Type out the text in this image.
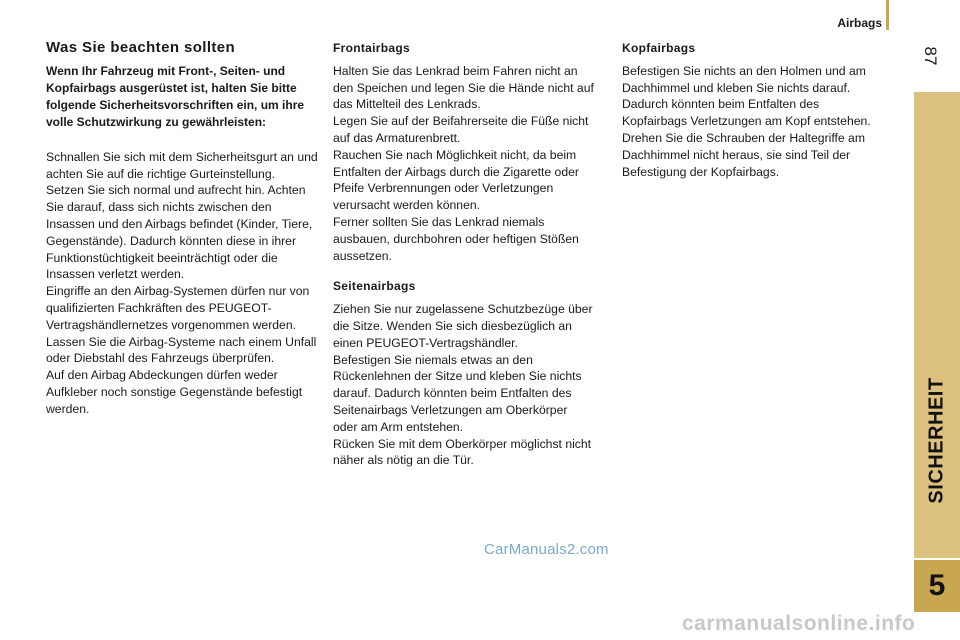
Airbags
87
SICHERHEIT
5
Was Sie beachten sollten

Wenn Ihr Fahrzeug mit Front-, Seiten- und Kopfairbags ausgerüstet ist, halten Sie bitte folgende Sicherheitsvorschriften ein, um ihre volle Schutzwirkung zu gewährleisten:

Schnallen Sie sich mit dem Sicherheitsgurt an und achten Sie auf die richtige Gurteinstellung.

Setzen Sie sich normal und aufrecht hin. Achten Sie darauf, dass sich nichts zwischen den Insassen und den Airbags befindet (Kinder, Tiere, Gegenstände). Dadurch könnten diese in ihrer Funktionstüchtigkeit beeinträchtigt oder die Insassen verletzt werden.

Eingriffe an den Airbag-Systemen dürfen nur von qualifizierten Fachkräften des PEUGEOT-Vertragshändlernetzes vorgenommen werden.

Lassen Sie die Airbag-Systeme nach einem Unfall oder Diebstahl des Fahrzeugs überprüfen.

Auf den Airbag Abdeckungen dürfen weder Aufkleber noch sonstige Gegenstände befestigt werden.

Frontairbags

Halten Sie das Lenkrad beim Fahren nicht an den Speichen und legen Sie die Hände nicht auf das Mittelteil des Lenkrads.

Legen Sie auf der Beifahrerseite die Füße nicht auf das Armaturenbrett.

Rauchen Sie nach Möglichkeit nicht, da beim Entfalten der Airbags durch die Zigarette oder Pfeife Verbrennungen oder Verletzungen verursacht werden können.

Ferner sollten Sie das Lenkrad niemals ausbauen, durchbohren oder heftigen Stößen aussetzen.

Seitenairbags

Ziehen Sie nur zugelassene Schutzbezüge über die Sitze. Wenden Sie sich diesbezüglich an einen PEUGEOT-Vertragshändler.

Befestigen Sie niemals etwas an den Rückenlehnen der Sitze und kleben Sie nichts darauf. Dadurch könnten beim Entfalten des Seitenairbags Verletzungen am Oberkörper oder am Arm entstehen.

Rücken Sie mit dem Oberkörper möglichst nicht näher als nötig an die Tür.

Kopfairbags

Befestigen Sie nichts an den Holmen und am Dachhimmel und kleben Sie nichts darauf. Dadurch könnten beim Entfalten des Kopfairbags Verletzungen am Kopf entstehen.

Drehen Sie die Schrauben der Haltegriffe am Dachhimmel nicht heraus, sie sind Teil der Befestigung der Kopfairbags.

CarManuals2.com
carmanualsonline.info
